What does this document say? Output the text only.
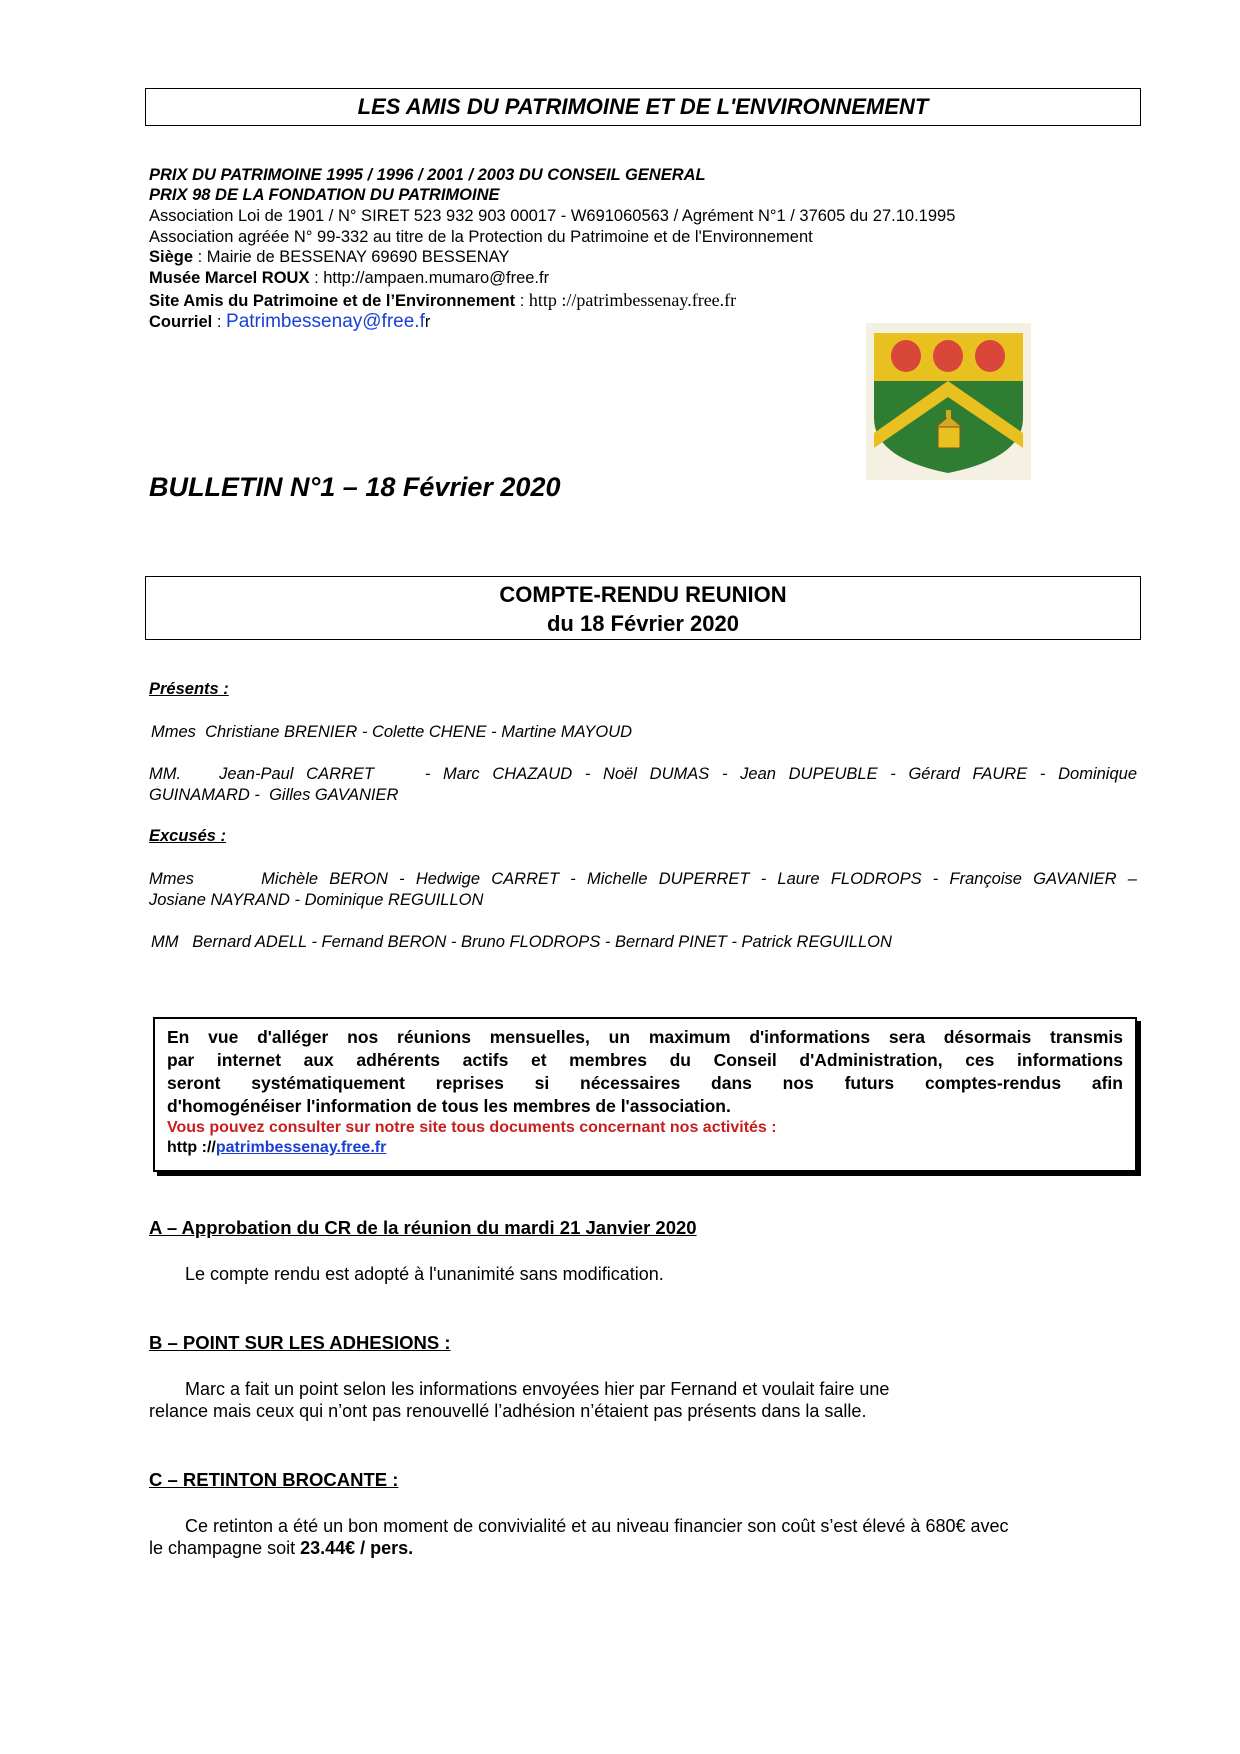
LES AMIS DU PATRIMOINE ET DE L'ENVIRONNEMENT
PRIX DU PATRIMOINE 1995 / 1996 / 2001 / 2003 DU CONSEIL GENERAL
PRIX 98 DE LA FONDATION DU PATRIMOINE
Association Loi de 1901 / N° SIRET 523 932 903 00017 - W691060563 / Agrément N°1 / 37605 du 27.10.1995
Association agréée N° 99-332 au titre de la Protection du Patrimoine et de l'Environnement
Siège : Mairie de BESSENAY 69690 BESSENAY
Musée Marcel ROUX : http://ampaen.mumaro@free.fr
Site Amis du Patrimoine et de l’Environnement : http ://patrimbessenay.free.fr
Courriel : Patrimbessenay@free.fr
BULLETIN N°1 – 18 Février 2020
COMPTE-RENDU REUNION
du 18 Février 2020
Présents :
Mmes  Christiane BRENIER - Colette CHENE - Martine MAYOUD
MM.   Jean-Paul CARRET    - Marc CHAZAUD - Noël DUMAS - Jean DUPEUBLE - Gérard FAURE - Dominique
GUINAMARD -  Gilles GAVANIER
Excusés :
Mmes      Michèle BERON - Hedwige CARRET - Michelle DUPERRET - Laure FLODROPS - Françoise GAVANIER –
Josiane NAYRAND - Dominique REGUILLON
MM   Bernard ADELL - Fernand BERON - Bruno FLODROPS - Bernard PINET - Patrick REGUILLON
En vue d'alléger nos réunions mensuelles, un maximum d'informations sera désormais transmis
par internet aux adhérents actifs et membres du Conseil d'Administration, ces informations
seront systématiquement reprises si nécessaires dans nos futurs comptes-rendus afin
d'homogénéiser l'information de tous les membres de l'association.
Vous pouvez consulter sur notre site tous documents concernant nos activités :
http ://patrimbessenay.free.fr
A – Approbation du CR de la réunion du mardi 21 Janvier 2020
Le compte rendu est adopté à l'unanimité sans modification.
B – POINT SUR LES ADHESIONS :
Marc a fait un point selon les informations envoyées hier par Fernand et voulait faire une
relance mais ceux qui n’ont pas renouvellé l’adhésion n’étaient pas présents dans la salle.
C – RETINTON BROCANTE :
Ce retinton a été un bon moment de convivialité et au niveau financier son coût s’est élevé à 680€ avec
le champagne soit 23.44€ / pers.
